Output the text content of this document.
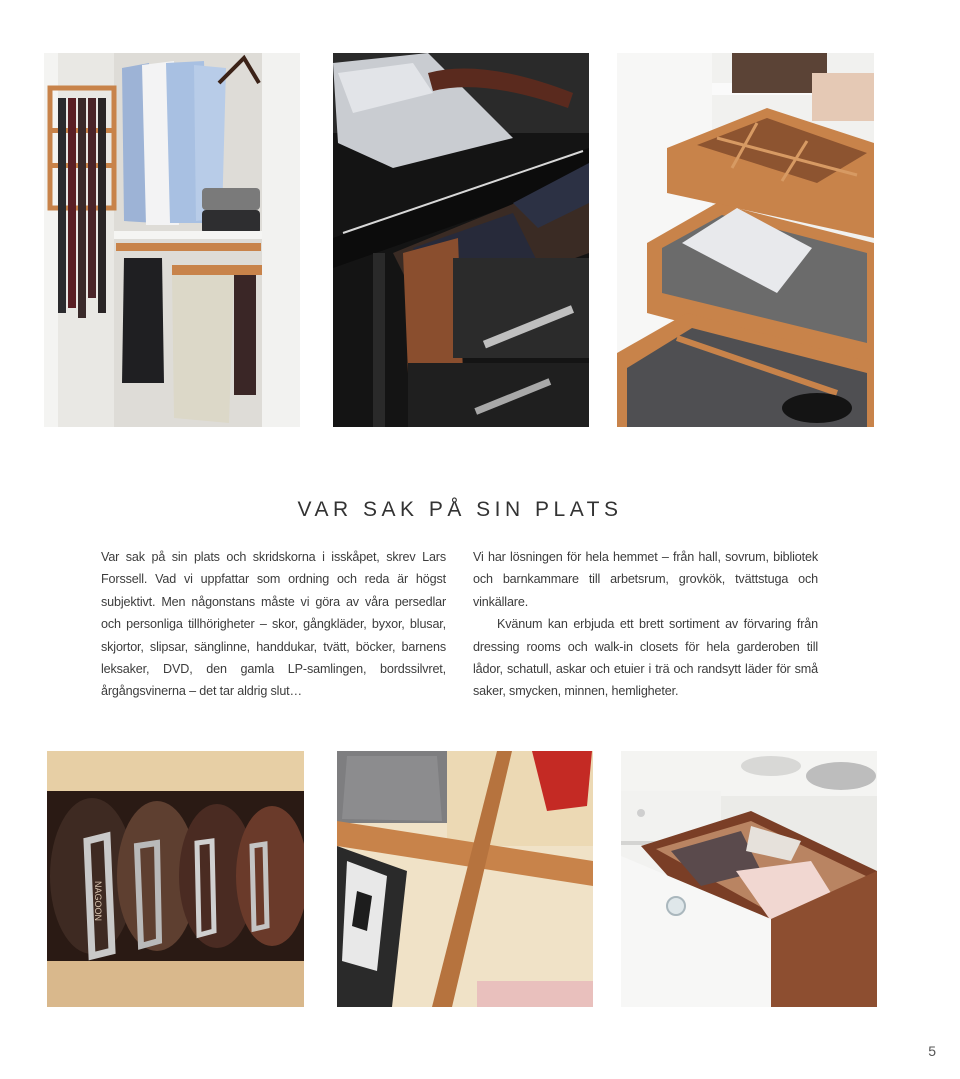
VAR SAK PÅ SIN PLATS

Var sak på sin plats och skridskorna i isskåpet, skrev Lars Forssell. Vad vi uppfattar som ordning och reda är högst subjektivt. Men någonstans måste vi göra av våra persedlar och personliga tillhörigheter – skor, gångkläder, byxor, blusar, skjortor, slipsar, sänglinne, handdukar, tvätt, böcker, barnens leksaker, DVD, den gamla LP-samlingen, bordssilvret, årgångsvinerna – det tar aldrig slut…

Vi har lösningen för hela hemmet – från hall, sovrum, bibliotek och barnkammare till arbetsrum, grovkök, tvättstuga och vinkällare.

Kvänum kan erbjuda ett brett sortiment av förvaring från dressing rooms och walk-in closets för hela garderoben till lådor, schatull, askar och etuier i trä och randsytt läder för små saker, smycken, minnen, hemligheter.

NAGOON
5
